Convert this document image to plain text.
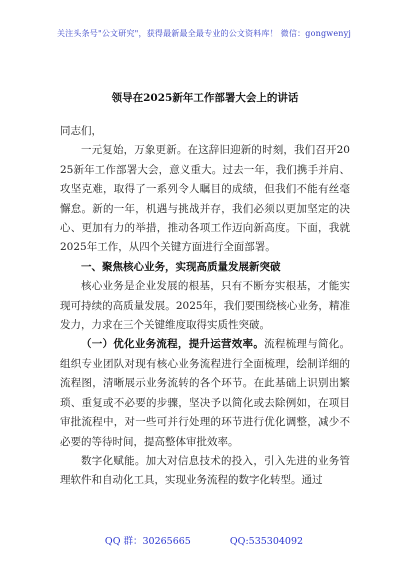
关注头条号"公文研究"，获得最新最全最专业的公文资料库！ 微信：gongwenyj
领导在2025新年工作部署大会上的讲话

同志们，

一元复始，万象更新。在这辞旧迎新的时刻，我们召开2025新年工作部署大会，意义重大。过去一年，我们携手并肩、攻坚克难，取得了一系列令人瞩目的成绩，但我们不能有丝毫懈怠。新的一年，机遇与挑战并存，我们必须以更加坚定的决心、更加有力的举措，推动各项工作迈向新高度。下面，我就2025年工作，从四个关键方面进行全面部署。

一、聚焦核心业务，实现高质量发展新突破

核心业务是企业发展的根基，只有不断夯实根基，才能实现可持续的高质量发展。2025年，我们要围绕核心业务，精准发力，力求在三个关键维度取得实质性突破。

（一）优化业务流程，提升运营效率。流程梳理与简化。组织专业团队对现有核心业务流程进行全面梳理，绘制详细的流程图，清晰展示业务流转的各个环节。在此基础上识别出繁琐、重复或不必要的步骤，坚决予以简化或去除例如，在项目审批流程中，对一些可并行处理的环节进行优化调整，减少不必要的等待时间，提高整体审批效率。

数字化赋能。加大对信息技术的投入，引入先进的业务管理软件和自动化工具，实现业务流程的数字化转型。通过

QQ 群：30265665	QQ:535304092
